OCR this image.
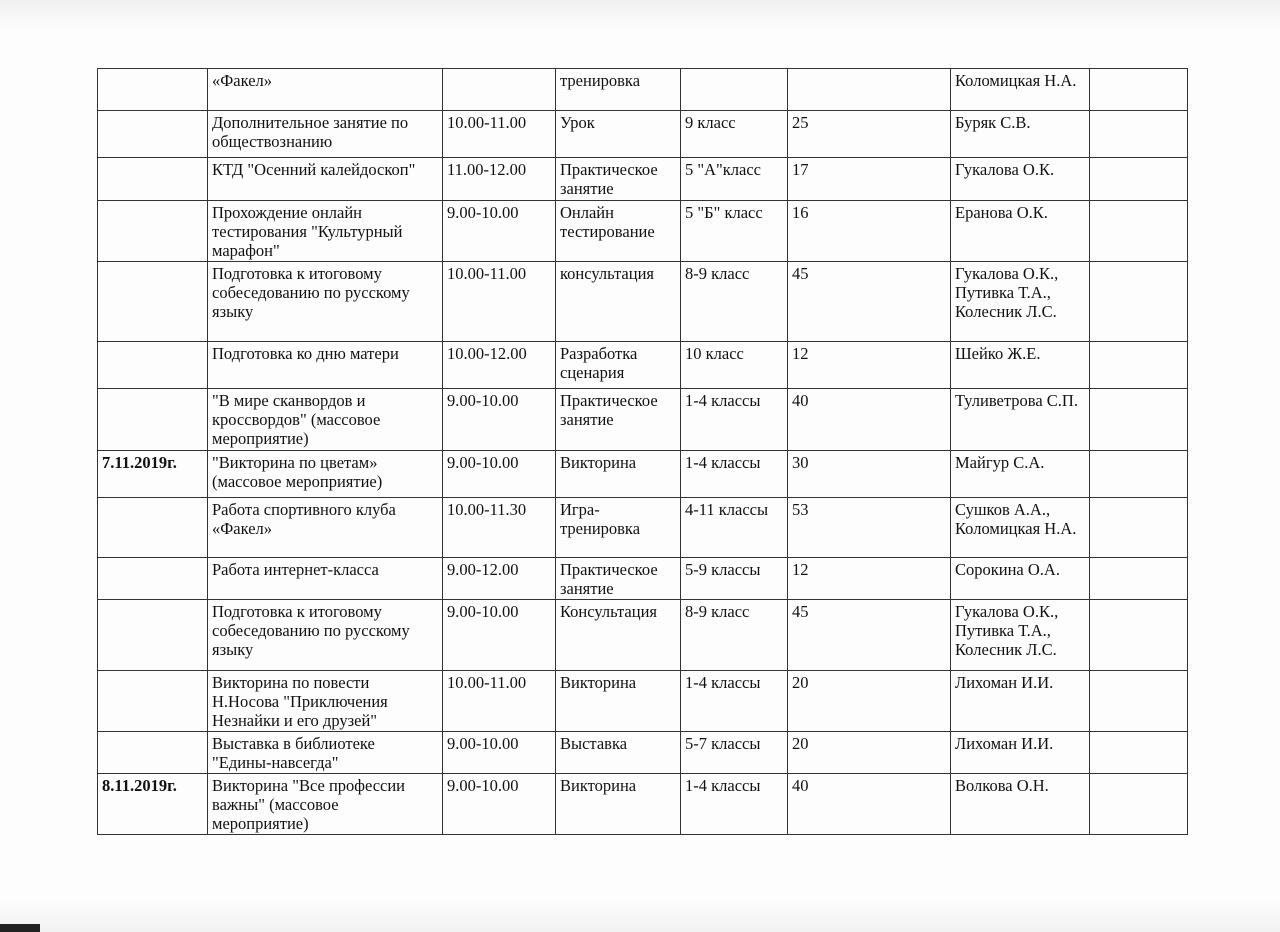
	«Факел»		тренировка			Коломицкая Н.А.	
	Дополнительное занятие по обществознанию	10.00-11.00	Урок	9 класс	25	Буряк С.В.	
	КТД "Осенний калейдоскоп"	11.00-12.00	Практическое занятие	5 "А"класс	17	Гукалова О.К.	
	Прохождение онлайн тестирования "Культурный марафон"	9.00-10.00	Онлайн тестирование	5 "Б" класс	16	Еранова О.К.	
	Подготовка к итоговому собеседованию по русскому языку	10.00-11.00	консультация	8-9 класс	45	Гукалова О.К., Путивка Т.А., Колесник Л.С.	
	Подготовка ко дню матери	10.00-12.00	Разработка сценария	10 класс	12	Шейко Ж.Е.	
	"В мире сканвордов и кроссвордов" (массовое мероприятие)	9.00-10.00	Практическое занятие	1-4 классы	40	Туливетрова С.П.	
7.11.2019г.	"Викторина по цветам» (массовое мероприятие)	9.00-10.00	Викторина	1-4 классы	30	Майгур С.А.	
	Работа спортивного клуба «Факел»	10.00-11.30	Игра-тренировка	4-11 классы	53	Сушков А.А., Коломицкая Н.А.	
	Работа интернет-класса	9.00-12.00	Практическое занятие	5-9 классы	12	Сорокина О.А.	
	Подготовка к итоговому собеседованию по русскому языку	9.00-10.00	Консультация	8-9 класс	45	Гукалова О.К., Путивка Т.А., Колесник Л.С.	
	Викторина по повести Н.Носова "Приключения Незнайки и его друзей"	10.00-11.00	Викторина	1-4 классы	20	Лихоман И.И.	
	Выставка в библиотеке "Едины-навсегда"	9.00-10.00	Выставка	5-7 классы	20	Лихоман И.И.	
8.11.2019г.	Викторина "Все профессии важны" (массовое мероприятие)	9.00-10.00	Викторина	1-4 классы	40	Волкова О.Н.	
